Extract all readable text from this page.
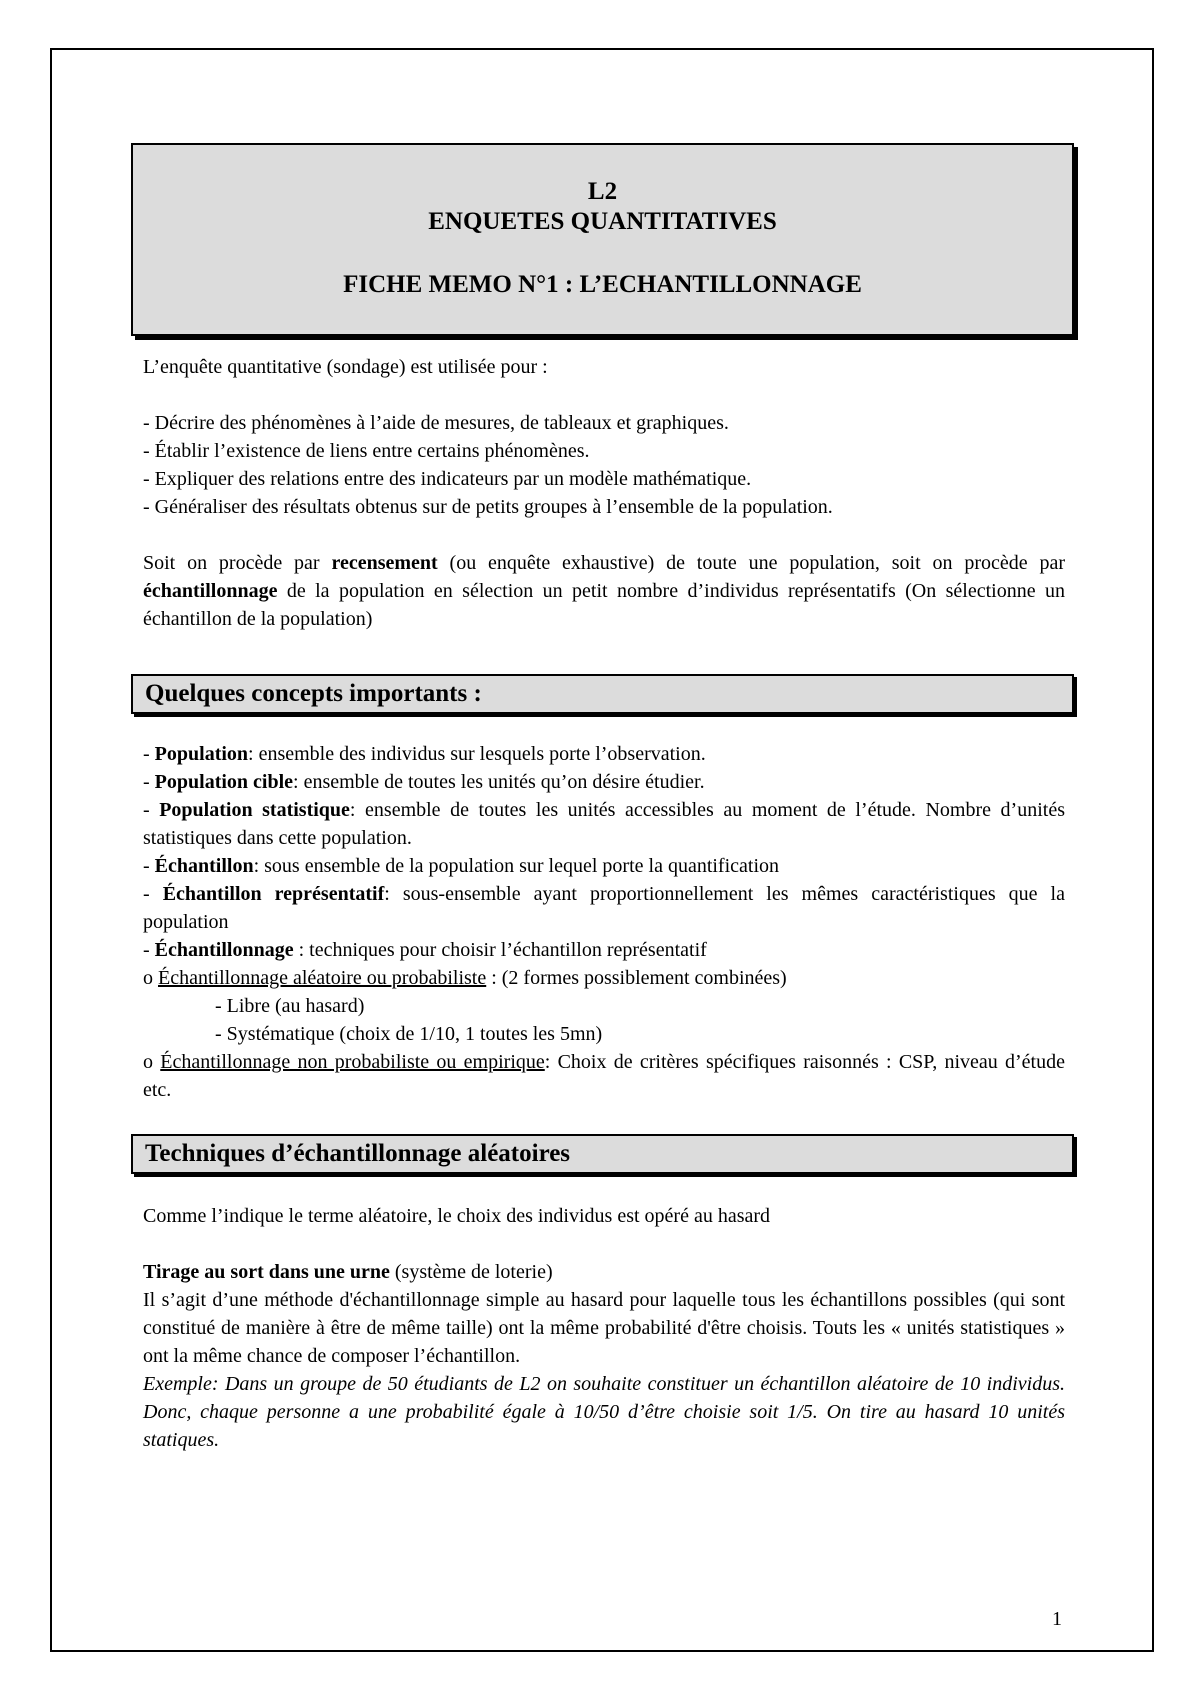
L2
ENQUETES QUANTITATIVES
FICHE MEMO N°1 : L’ECHANTILLONNAGE

L’enquête quantitative (sondage) est utilisée pour :

- Décrire des phénomènes à l’aide de mesures, de tableaux et graphiques.

- Établir l’existence de liens entre certains phénomènes.

- Expliquer des relations entre des indicateurs par un modèle mathématique.

- Généraliser des résultats obtenus sur de petits groupes à l’ensemble de la population.

Soit on procède par recensement (ou enquête exhaustive) de toute une population, soit on procède par échantillonnage de la population en sélection un petit nombre d’individus représentatifs (On sélectionne un échantillon de la population)

Quelques concepts importants :

- Population: ensemble des individus sur lesquels porte l’observation.

- Population cible: ensemble de toutes les unités qu’on désire étudier.

- Population statistique: ensemble de toutes les unités accessibles au moment de l’étude. Nombre d’unités statistiques dans cette population.

- Échantillon: sous ensemble de la population sur lequel porte la quantification

- Échantillon représentatif: sous-ensemble ayant proportionnellement les mêmes caractéristiques que la population

- Échantillonnage : techniques pour choisir l’échantillon représentatif

o Échantillonnage aléatoire ou probabiliste : (2 formes possiblement combinées)

- Libre (au hasard)

- Systématique (choix de 1/10, 1 toutes les 5mn)

o Échantillonnage non probabiliste ou empirique: Choix de critères spécifiques raisonnés : CSP, niveau d’étude etc.

Techniques d’échantillonnage aléatoires

Comme l’indique le terme aléatoire, le choix des individus est opéré au hasard

Tirage au sort dans une urne (système de loterie)

Il s’agit d’une méthode d'échantillonnage simple au hasard pour laquelle tous les échantillons possibles (qui sont constitué de manière à être de même taille) ont la même probabilité d'être choisis. Touts les « unités statistiques » ont la même chance de composer l’échantillon.

Exemple: Dans un groupe de 50 étudiants de L2 on souhaite constituer un échantillon aléatoire de 10 individus. Donc, chaque personne a une probabilité égale à 10/50 d’être choisie soit 1/5. On tire au hasard 10 unités statiques.

1
